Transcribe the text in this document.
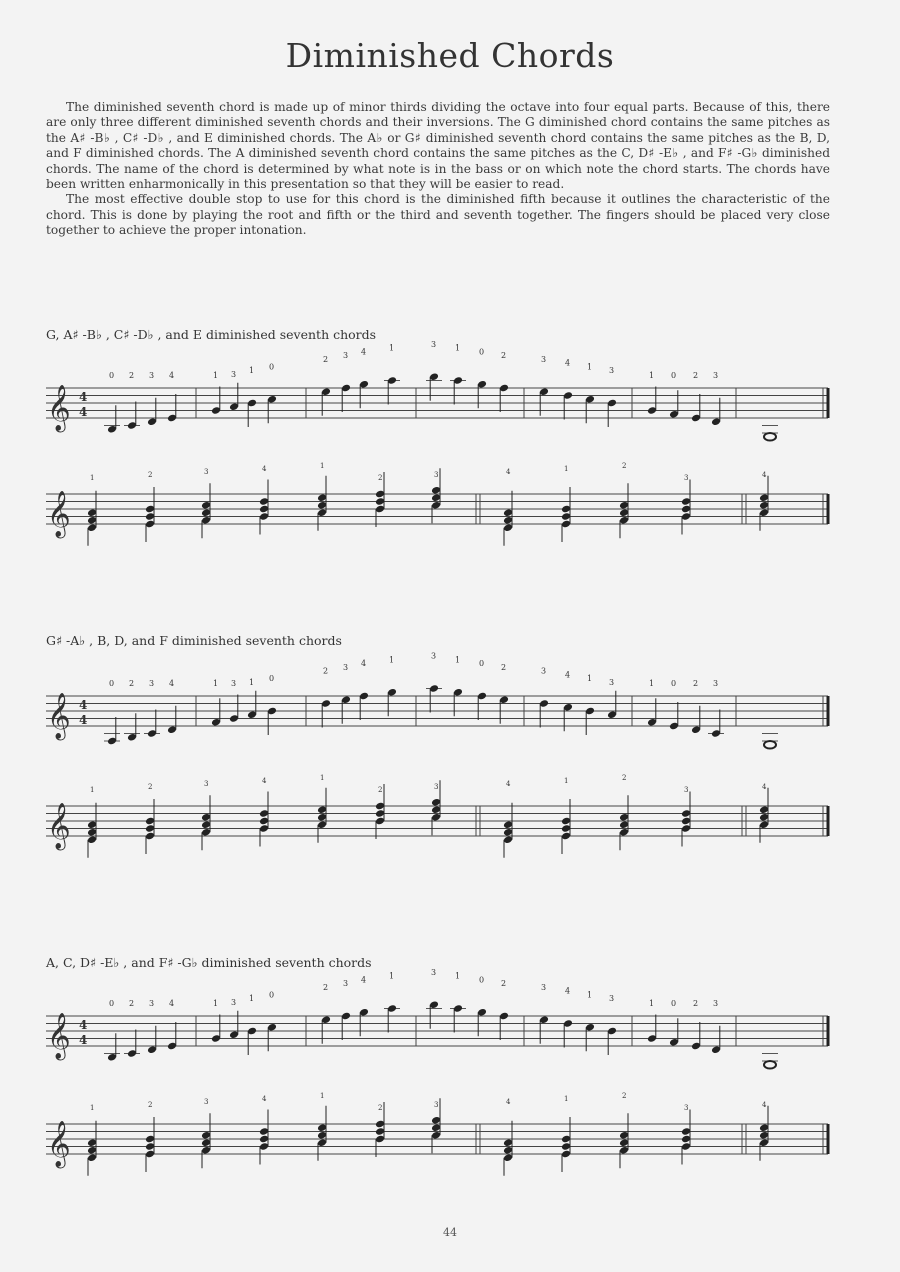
Diminished Chords

The diminished seventh chord is made up of minor thirds dividing the octave into four equal parts. Because of this, there are only three different diminished seventh chords and their inversions. The G diminished chord contains the same pitches as the A♯ -B♭ , C♯ -D♭ , and E diminished chords. The A♭ or G♯ diminished seventh chord contains the same pitches as the B, D, and F diminished chords. The A diminished seventh chord contains the same pitches as the C, D♯ -E♭ , and F♯ -G♭ diminished chords. The name of the chord is determined by what note is in the bass or on which note the chord starts. The chords have been written enharmonically in this presentation so that they will be easier to read.

The most effective double stop to use for this chord is the diminished fifth because it outlines the characteristic of the chord. This is done by playing the root and fifth or the third and seventh together. The fingers should be placed very close together to achieve the proper intonation.

G, A♯ -B♭ , C♯ -D♭ , and E diminished seventh chords
G♯ -A♭ , B, D, and F diminished seventh chords
A, C, D♯ -E♭ , and F♯ -G♭ diminished seventh chords
𝄞 4
4
𝄞
0 2 3 4	1 3 1 0
2 3 4	1	3 1 0 2	3 4 1 3
1 0 2 3
1	2	3	4	1
2	3	4	1	2
3	4
𝄞 4
4
𝄞
0 2 3 4	1 3 1 0
2 3 4	1	3 1 0 2	3 4 1 3	1 0 2 3
1	2	3	4	1
2	3	4	1	2
3	4
𝄞 4
4
𝄞
0 2 3 4	1 3 1 0
2 3 4	1	3 1 0 2	3 4 1 3
1 0 2 3
1	2	3	4	1
2	3	4	1	2
3	4
44
